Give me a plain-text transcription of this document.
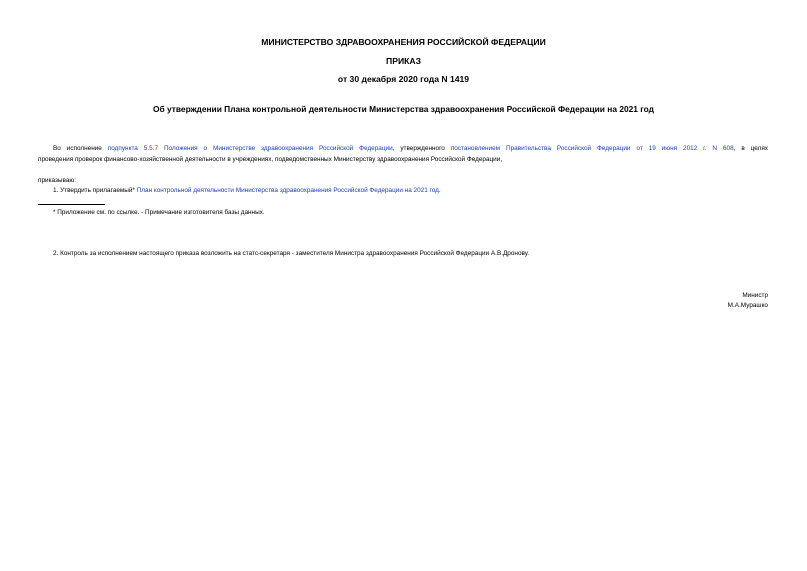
МИНИСТЕРСТВО ЗДРАВООХРАНЕНИЯ РОССИЙСКОЙ ФЕДЕРАЦИИ
ПРИКАЗ
от 30 декабря 2020 года N 1419
Об утверждении Плана контрольной деятельности Министерства здравоохранения Российской Федерации на 2021 год
Во исполнение подпункта 5.5.7 Положения о Министерстве здравоохранения Российской Федерации, утвержденного постановлением Правительства Российской Федерации от 19 июня 2012 г. N 608, в целях
проведения проверок финансово-хозяйственной деятельности в учреждениях, подведомственных Министерству здравоохранения Российской Федерации,
приказываю:
1. Утвердить прилагаемый* План контрольной деятельности Министерства здравоохранения Российской Федерации на 2021 год.
* Приложение см. по ссылке. - Примечание изготовителя базы данных.
2. Контроль за исполнением настоящего приказа возложить на статс-секретаря - заместителя Министра здравоохранения Российской Федерации А.В.Дронову.
Министр
М.А.Мурашко
